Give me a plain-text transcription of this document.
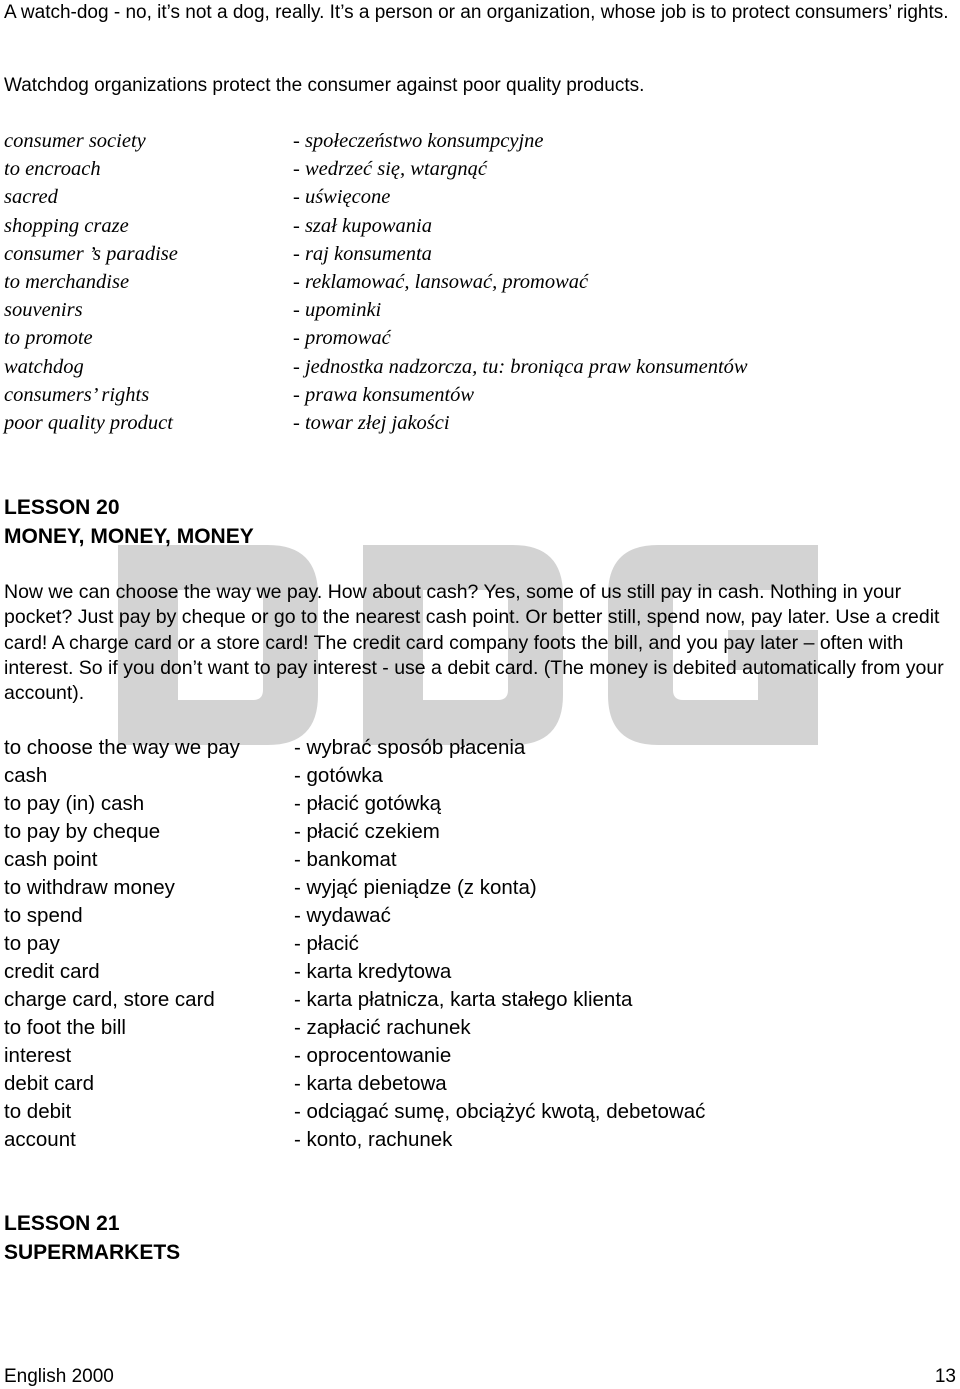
A watch-dog - no, it’s not a dog, really. It’s a person or an organization, whose job is to protect consumers’ rights.
Watchdog organizations protect the consumer against poor quality products.
consumer society	- społeczeństwo konsumpcyjne
to encroach	- wedrzeć się, wtargnąć
sacred	- uświęcone
shopping craze	- szał kupowania
consumer ’s paradise	- raj konsumenta
to merchandise	- reklamować, lansować, promować
souvenirs	- upominki
to promote	- promować
watchdog	- jednostka nadzorcza, tu: broniąca praw konsumentów
consumers’ rights	- prawa konsumentów
poor quality product	- towar złej jakości
LESSON 20
MONEY, MONEY, MONEY
Now we can choose the way we pay. How about cash? Yes, some of us still pay in cash. Nothing in your pocket? Just pay by cheque or go to the nearest cash point. Or better still, spend now, pay later. Use a credit card! A charge card or a store card! The credit card company foots the bill, and you pay later – often with interest. So if you don’t want to pay interest - use a debit card. (The money is debited automatically from your account).
to choose the way we pay	- wybrać sposób płacenia
cash	- gotówka
to pay (in) cash	- płacić gotówką
to pay by cheque	- płacić czekiem
cash point	- bankomat
to withdraw money	- wyjąć pieniądze (z konta)
to spend	- wydawać
to pay	- płacić
credit card	- karta kredytowa
charge card, store card	- karta płatnicza, karta stałego klienta
to foot the bill	- zapłacić rachunek
interest	- oprocentowanie
debit card	- karta debetowa
to debit	- odciągać sumę, obciążyć kwotą, debetować
account	- konto, rachunek
LESSON 21
SUPERMARKETS
English 2000	13
